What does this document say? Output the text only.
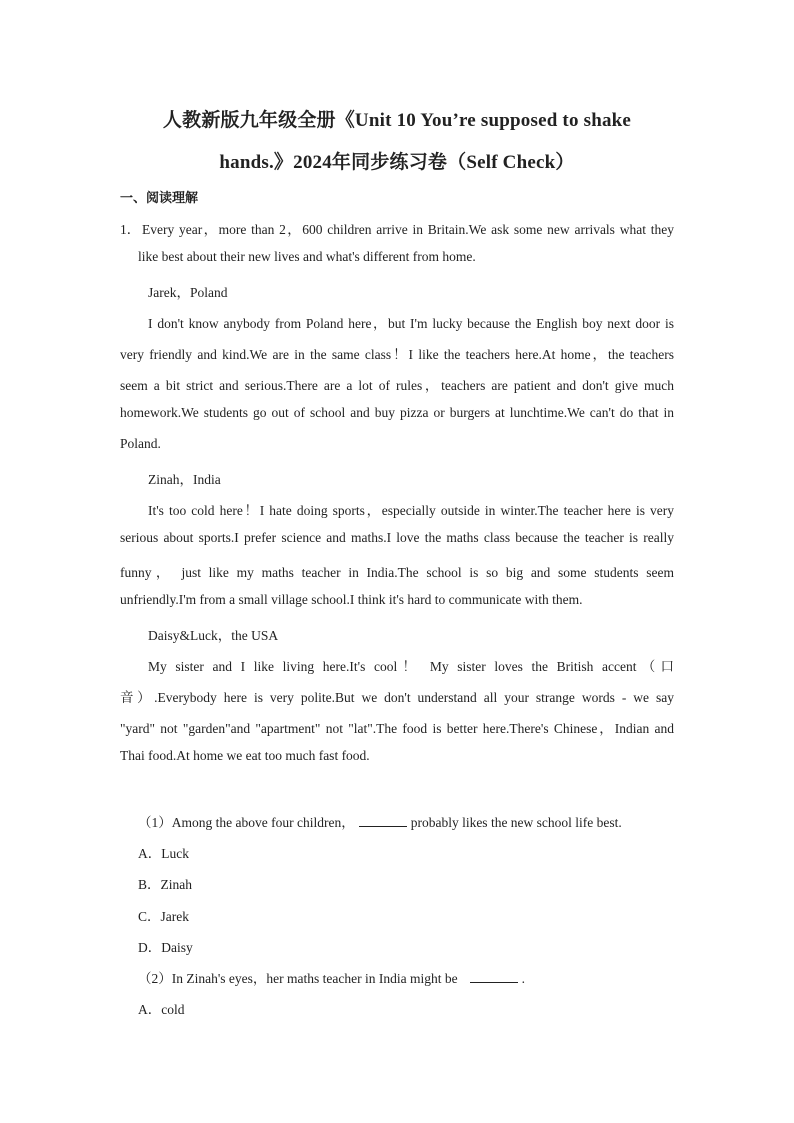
人教新版九年级全册《Unit 10 You’re supposed to shake
hands.》2024年同步练习卷（Self Check）
一、阅读理解
1． Every year，more than 2，600 children arrive in Britain.We ask some new arrivals what they
like best about their new lives and what's different from home.
Jarek，Poland
I don't know anybody from Poland here，but I'm lucky because the English boy next door is
very friendly and kind.We are in the same class！I like the teachers here.At home，the teachers
seem a bit strict and serious.There are a lot of rules，teachers are patient and don't give much
homework.We students go out of school and buy pizza or burgers at lunchtime.We can't do that in
Poland.
Zinah，India
It's too cold here！I hate doing sports，especially outside in winter.The teacher here is very
serious about sports.I prefer science and maths.I love the maths class because the teacher is really
funny， just like my maths teacher in India.The school is so big and some students seem
unfriendly.I'm from a small village school.I think it's hard to communicate with them.
Daisy&Luck，the USA
My sister and I like living here.It's cool！ My sister loves the British accent（口
音）.Everybody here is very polite.But we don't understand all your strange words - we say
"yard" not "garden"and "apartment" not "lat".The food is better here.There's Chinese，Indian and
Thai food.At home we eat too much fast food.
（1）Among the above four children，	probably likes the new school life best.
A．Luck
B．Zinah
C．Jarek
D．Daisy
（2）In Zinah's eyes，her maths teacher in India might be	.
A．cold
